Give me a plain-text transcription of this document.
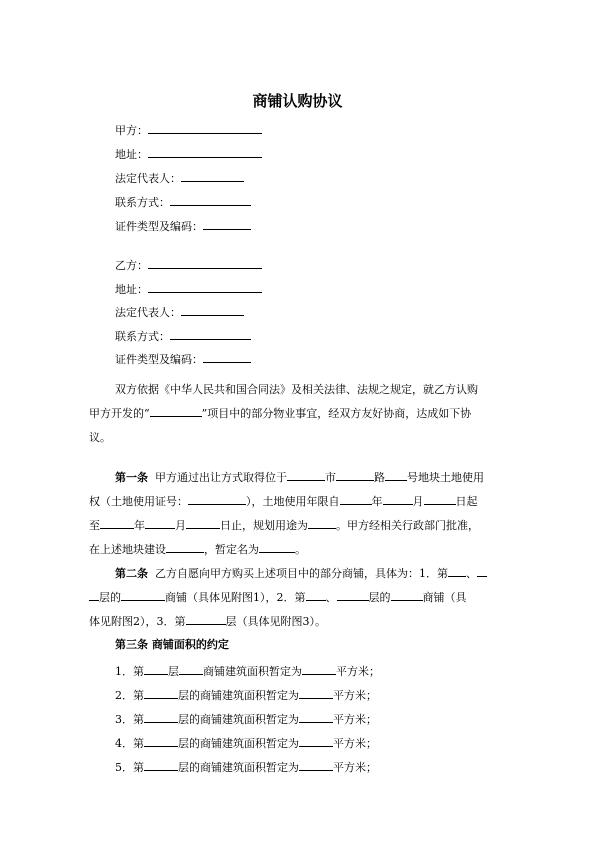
商铺认购协议
甲方：
地址：
法定代表人：
联系方式：
证件类型及编码：
乙方：
地址：
法定代表人：
联系方式：
证件类型及编码：
双方依据《中华人民共和国合同法》及相关法律、法规之规定，就乙方认购
甲方开发的“	”项目中的部分物业事宜，经双方友好协商，达成如下协
议。
第一条 甲方通过出让方式取得位于	市	路 号地块土地使用
权（土地使用证号：	），土地使用年限自	年	月	日起
至	年	月	日止，规划用途为	。甲方经相关行政部门批准，
在上述地块建设	，暂定名为	。
第二条 乙方自愿向甲方购买上述项目中的部分商铺，具体为：1．第 、
层的	商铺（具体见附图1），2．第 、	层的	商铺（具
体见附图2），3．第	层（具体见附图3）。
第三条 商铺面积的约定
1．第 层 商铺建筑面积暂定为	平方米；
2．第	层的商铺建筑面积暂定为	平方米；
3．第	层的商铺建筑面积暂定为	平方米；
4．第	层的商铺建筑面积暂定为	平方米；
5．第	层的商铺建筑面积暂定为	平方米；
